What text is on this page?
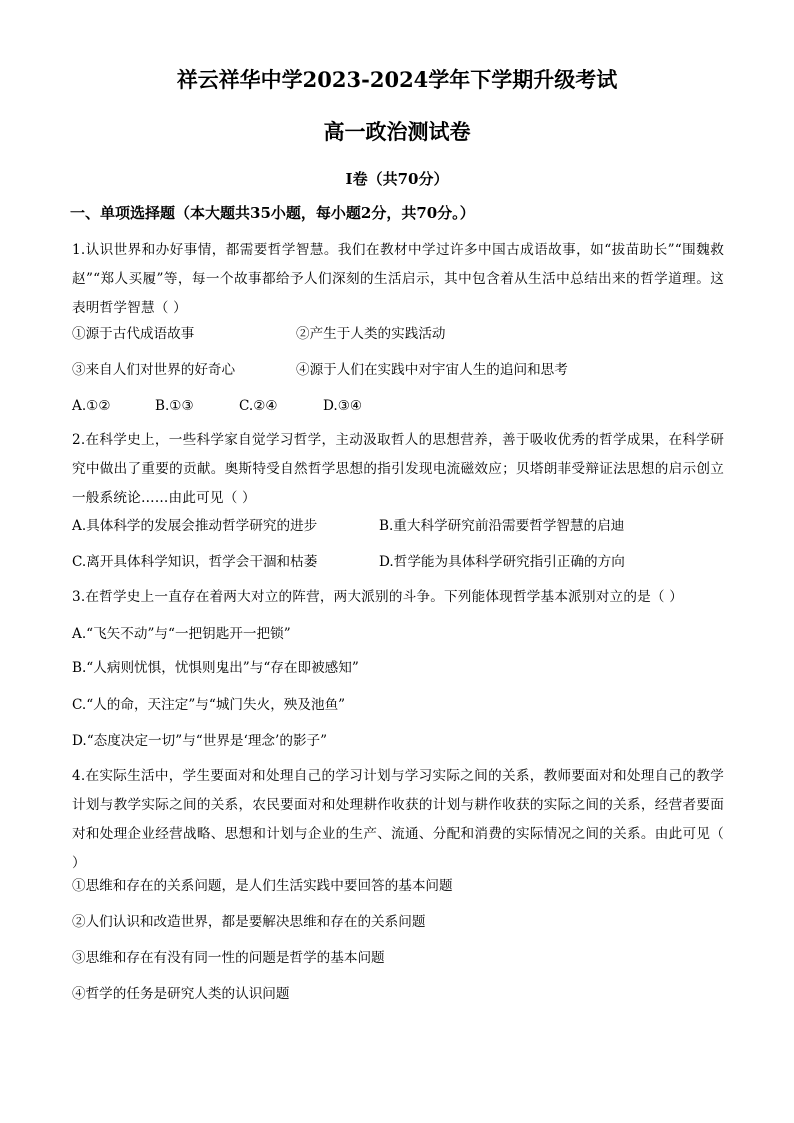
祥云祥华中学2023-2024学年下学期升级考试
高一政治测试卷
Ⅰ卷（共70分）
一、单项选择题（本大题共35小题，每小题2分，共70分。）
1.认识世界和办好事情，都需要哲学智慧。我们在教材中学过许多中国古成语故事，如“拔苗助长”“围魏救赵”“郑人买履”等，每一个故事都给予人们深刻的生活启示，其中包含着从生活中总结出来的哲学道理。这表明哲学智慧（ ）
①源于古代成语故事	②产生于人类的实践活动
③来自人们对世界的好奇心	④源于人们在实践中对宇宙人生的追问和思考
A.①②	B.①③	C.②④	D.③④
2.在科学史上，一些科学家自觉学习哲学，主动汲取哲人的思想营养，善于吸收优秀的哲学成果，在科学研究中做出了重要的贡献。奥斯特受自然哲学思想的指引发现电流磁效应；贝塔朗菲受辩证法思想的启示创立一般系统论……由此可见（ ）
A.具体科学的发展会推动哲学研究的进步	B.重大科学研究前沿需要哲学智慧的启迪
C.离开具体科学知识，哲学会干涸和枯萎	D.哲学能为具体科学研究指引正确的方向
3.在哲学史上一直存在着两大对立的阵营，两大派别的斗争。下列能体现哲学基本派别对立的是（ ）
A.“飞矢不动”与“一把钥匙开一把锁”
B.“人病则忧惧，忧惧则鬼出”与“存在即被感知”
C.“人的命，天注定”与“城门失火，殃及池鱼”
D.“态度决定一切”与“世界是‘理念’的影子”
4.在实际生活中，学生要面对和处理自己的学习计划与学习实际之间的关系，教师要面对和处理自己的教学计划与教学实际之间的关系，农民要面对和处理耕作收获的计划与耕作收获的实际之间的关系，经营者要面对和处理企业经营战略、思想和计划与企业的生产、流通、分配和消费的实际情况之间的关系。由此可见（ ）
①思维和存在的关系问题，是人们生活实践中要回答的基本问题
②人们认识和改造世界，都是要解决思维和存在的关系问题
③思维和存在有没有同一性的问题是哲学的基本问题
④哲学的任务是研究人类的认识问题
